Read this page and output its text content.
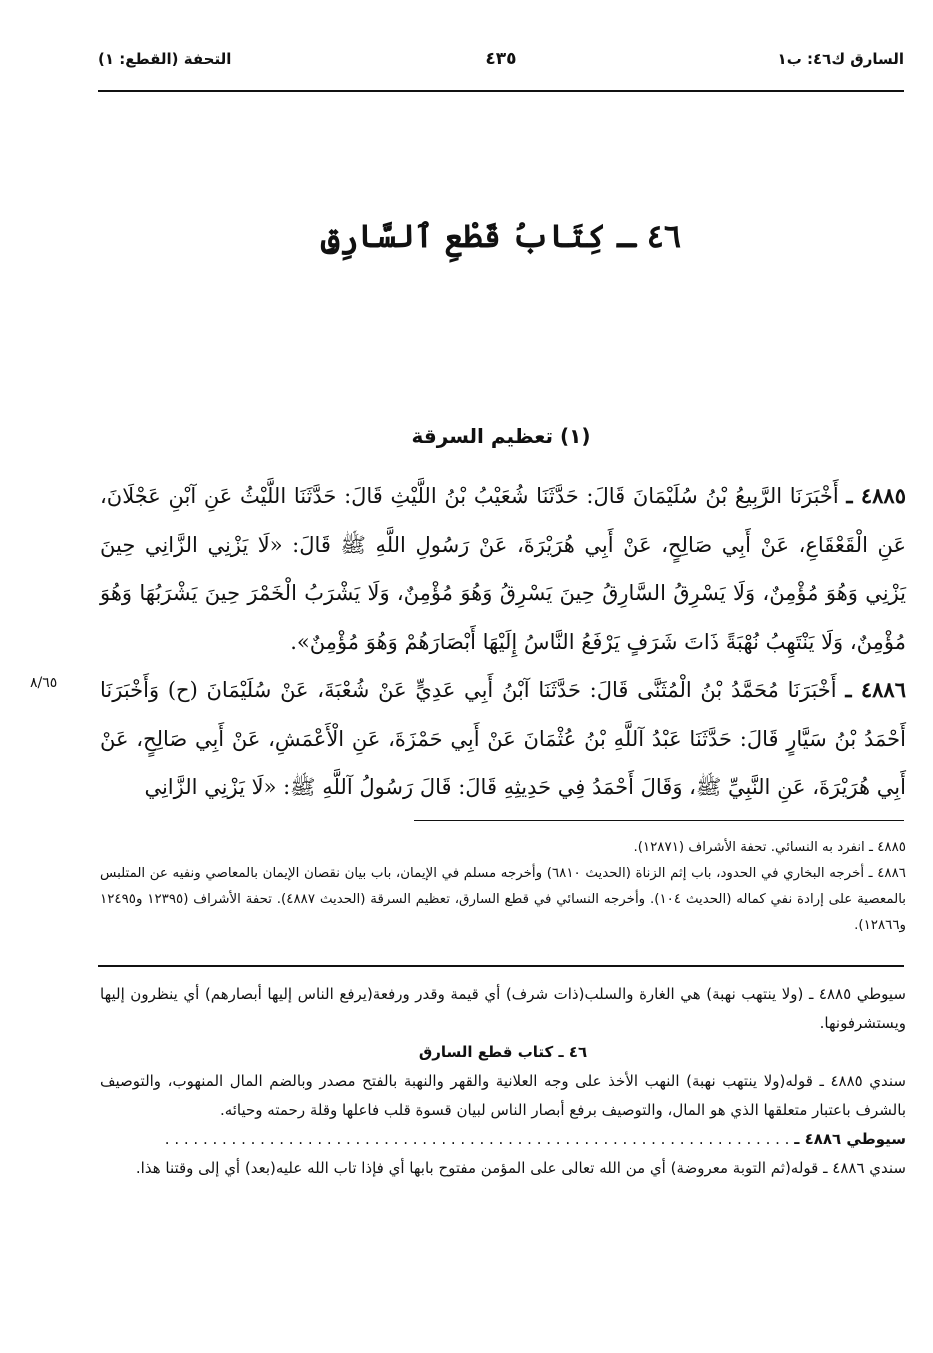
السارق ك٤٦: ب١
٤٣٥
التحفة (القطع: ١)
٤٦ ـ كِتَابُ قَطْعِ ٱلسَّارِقِ
(١) تعظيم السرقة

٤٨٨٥ ـ أَخْبَرَنَا الرَّبِيعُ بْنُ سُلَيْمَانَ قَالَ: حَدَّثَنَا شُعَيْبُ بْنُ اللَّيْثِ قَالَ: حَدَّثَنَا اللَّيْثُ عَنِ آبْنِ عَجْلَانَ، عَنِ الْقَعْقَاعِ، عَنْ أَبِي صَالِحٍ، عَنْ أَبِي هُرَيْرَةَ، عَنْ رَسُولِ اللَّهِ ﷺ قَالَ: «لَا يَزْنِي الزَّانِي حِينَ يَزْنِي وَهُوَ مُؤْمِنٌ، وَلَا يَسْرِقُ السَّارِقُ حِينَ يَسْرِقُ وَهُوَ مُؤْمِنٌ، وَلَا يَشْرَبُ الْخَمْرَ حِينَ يَشْرَبُهَا وَهُوَ مُؤْمِنٌ، وَلَا يَنْتَهِبُ نُهْبَةً ذَاتَ شَرَفٍ يَرْفَعُ النَّاسُ إِلَيْهَا أَبْصَارَهُمْ وَهُوَ مُؤْمِنٌ».

٤٨٨٦ ـ أَخْبَرَنَا مُحَمَّدُ بْنُ الْمُثَنَّى قَالَ: حَدَّثَنَا آبْنُ أَبِي عَدِيٍّ عَنْ شُعْبَةَ، عَنْ سُلَيْمَانَ (ح) وَأَخْبَرَنَا أَحْمَدُ بْنُ سَيَّارٍ قَالَ: حَدَّثَنَا عَبْدُ آللَّهِ بْنُ عُثْمَانَ عَنْ أَبِي حَمْزَةَ، عَنِ الْأَعْمَشِ، عَنْ أَبِي صَالِحٍ، عَنْ أَبِي هُرَيْرَةَ، عَنِ النَّبِيِّ ﷺ، وَقَالَ أَحْمَدُ فِي حَدِيثِهِ قَالَ: قَالَ رَسُولُ آللَّهِ ﷺ: «لَا يَزْنِي الزَّانِي

٨/٦٥

٤٨٨٥ ـ انفرد به النسائي. تحفة الأشراف (١٢٨٧١).

٤٨٨٦ ـ أخرجه البخاري في الحدود، باب إثم الزناة (الحديث ٦٨١٠) وأخرجه مسلم في الإيمان، باب بيان نقصان الإيمان بالمعاصي ونفيه عن المتلبس بالمعصية على إرادة نفي كماله (الحديث ١٠٤). وأخرجه النسائي في قطع السارق، تعظيم السرقة (الحديث ٤٨٨٧). تحفة الأشراف (١٢٣٩٥ و١٢٤٩٥ و١٢٨٦٦).

سيوطي ٤٨٨٥ ـ (ولا ينتهب نهبة) هي الغارة والسلب(ذات شرف) أي قيمة وقدر ورفعة(يرفع الناس إليها أبصارهم) أي ينظرون إليها ويستشرفونها.

٤٦ ـ كتاب قطع السارق

سندي ٤٨٨٥ ـ قوله(ولا ينتهب نهبة) النهب الأخذ على وجه العلانية والقهر والنهبة بالفتح مصدر وبالضم المال المنهوب، والتوصيف بالشرف باعتبار متعلقها الذي هو المال، والتوصيف برفع أبصار الناس لبيان قسوة قلب فاعلها وقلة رحمته وحيائه.

سيوطي ٤٨٨٦ ـ . . . . . . . . . . . . . . . . . . . . . . . . . . . . . . . . . . . . . . . . . . . . . . . . . . . . . . . . . . . . . . . . . .

سندي ٤٨٨٦ ـ قوله(ثم التوبة معروضة) أي من الله تعالى على المؤمن مفتوح بابها أي فإذا تاب الله عليه(بعد) أي إلى وقتنا هذا.
